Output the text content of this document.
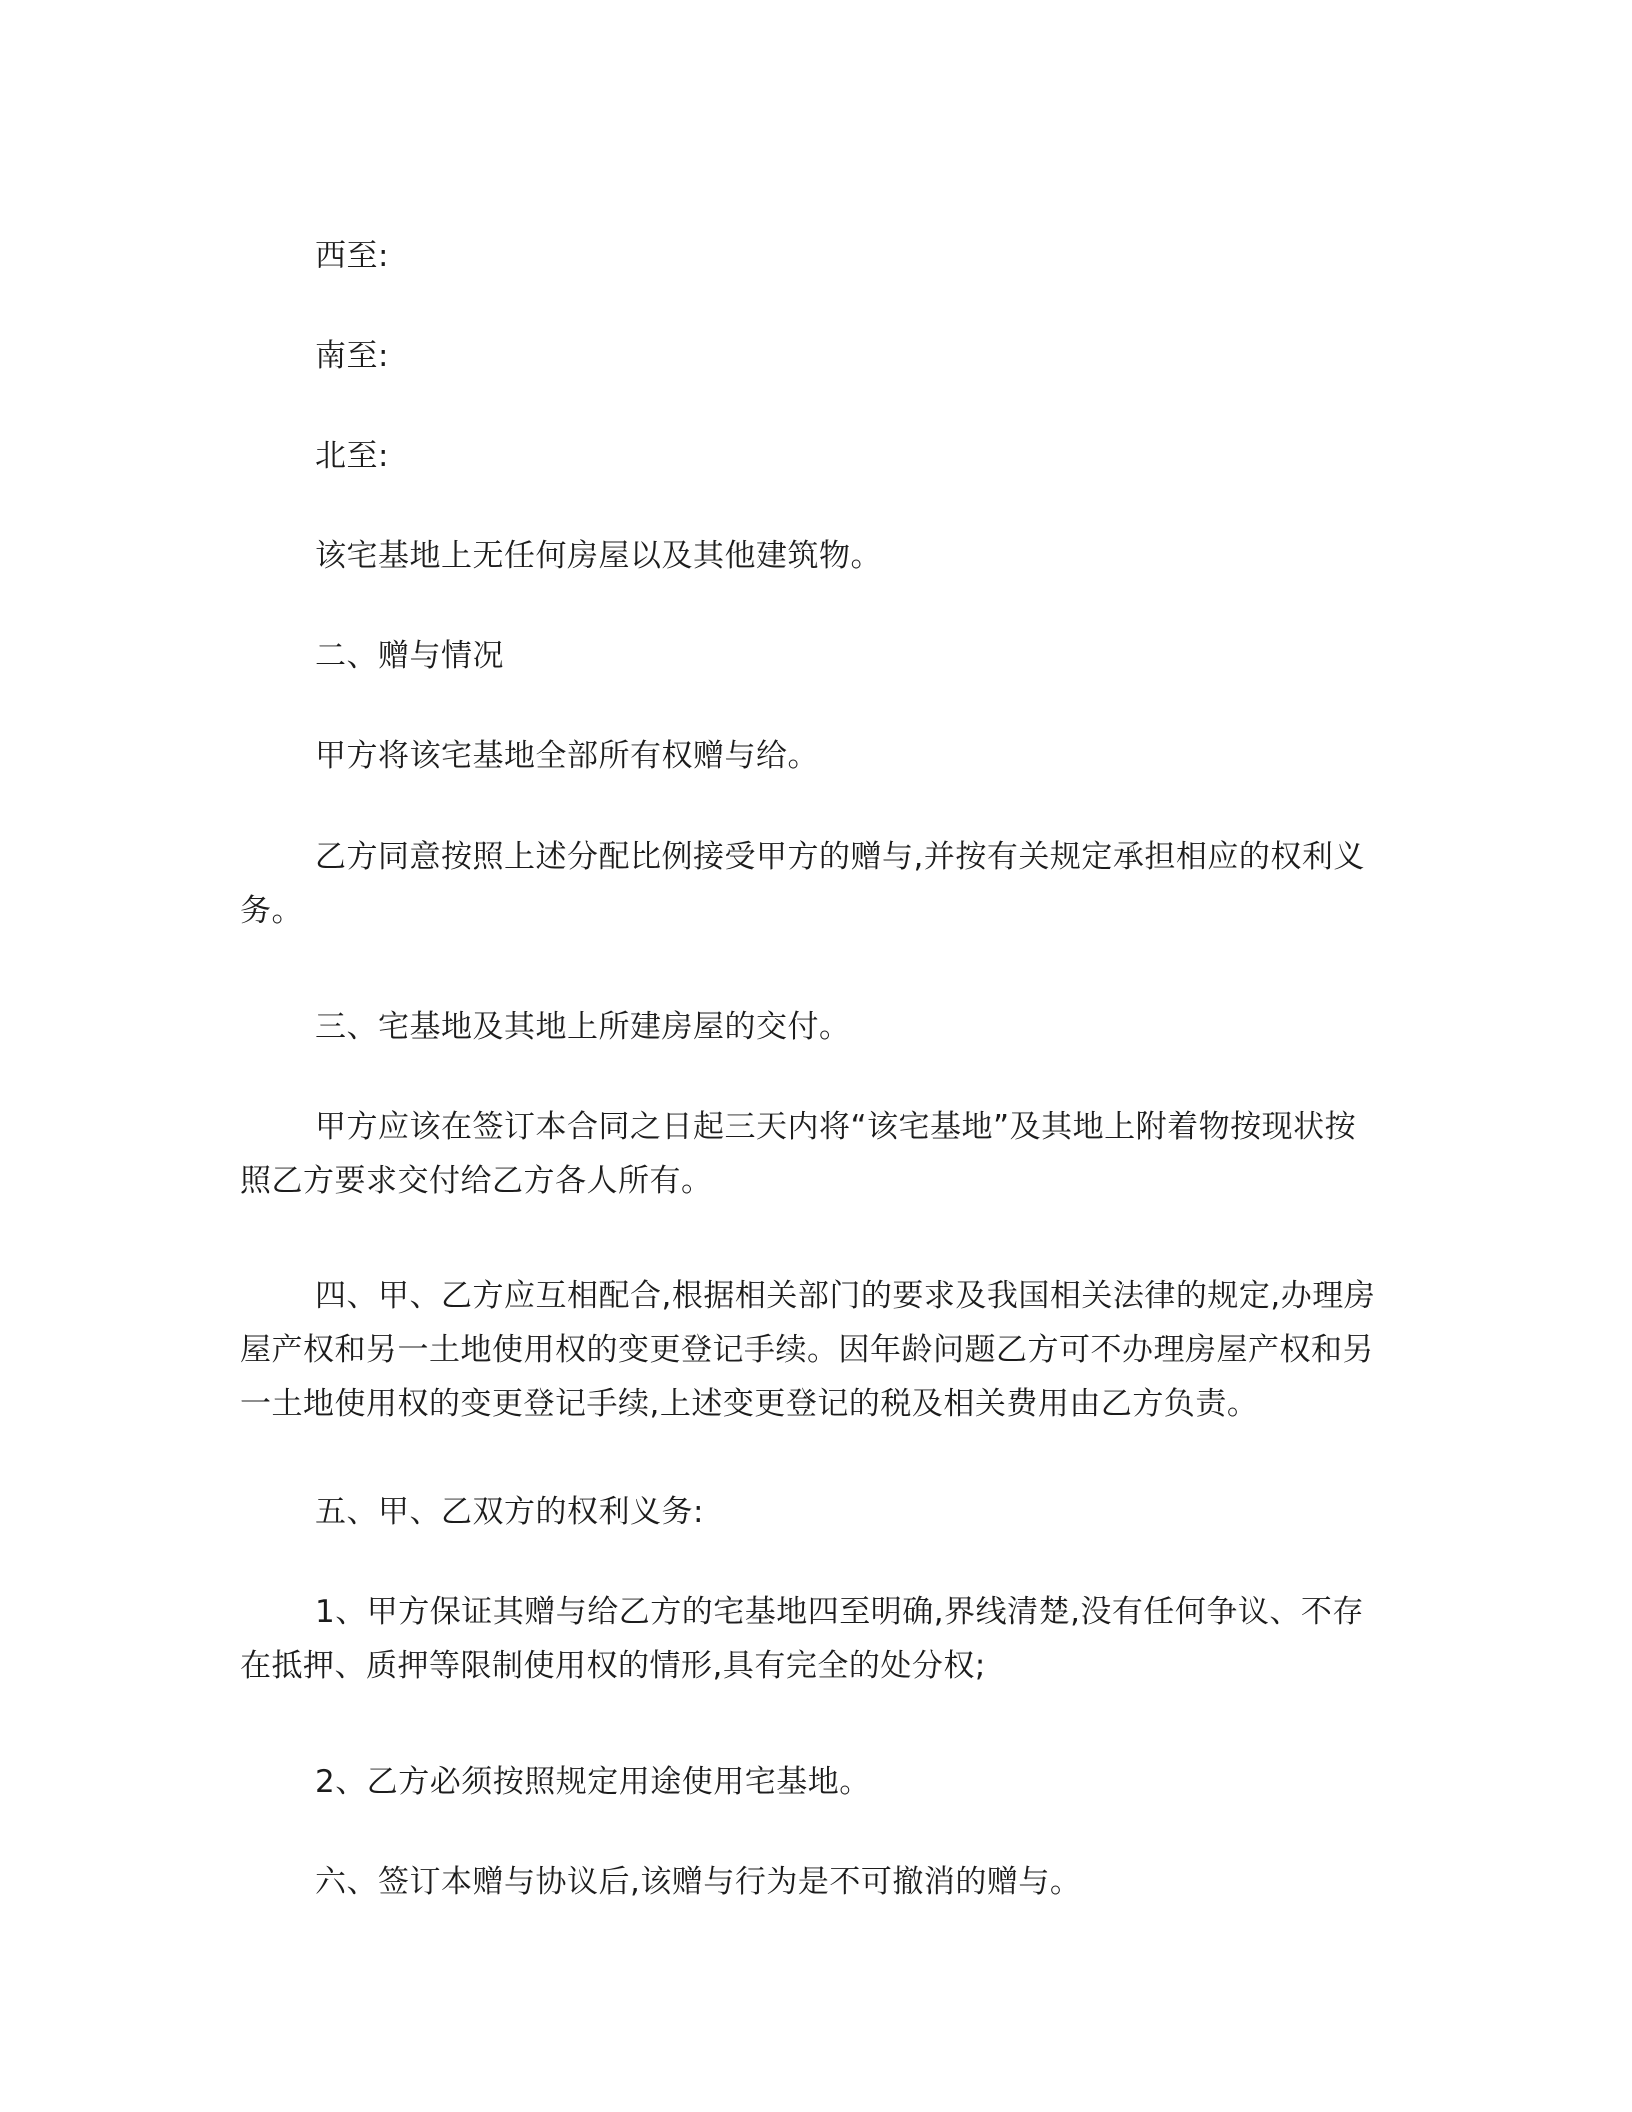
西至:

南至:

北至:

该宅基地上无任何房屋以及其他建筑物。

二、赠与情况

甲方将该宅基地全部所有权赠与给。

乙方同意按照上述分配比例接受甲方的赠与,并按有关规定承担相应的权利义务。

三、宅基地及其地上所建房屋的交付。

甲方应该在签订本合同之日起三天内将“该宅基地”及其地上附着物按现状按照乙方要求交付给乙方各人所有。

四、甲、乙方应互相配合,根据相关部门的要求及我国相关法律的规定,办理房屋产权和另一土地使用权的变更登记手续。因年龄问题乙方可不办理房屋产权和另一土地使用权的变更登记手续,上述变更登记的税及相关费用由乙方负责。

五、甲、乙双方的权利义务:

1、甲方保证其赠与给乙方的宅基地四至明确,界线清楚,没有任何争议、不存在抵押、质押等限制使用权的情形,具有完全的处分权;

2、乙方必须按照规定用途使用宅基地。

六、签订本赠与协议后,该赠与行为是不可撤消的赠与。
